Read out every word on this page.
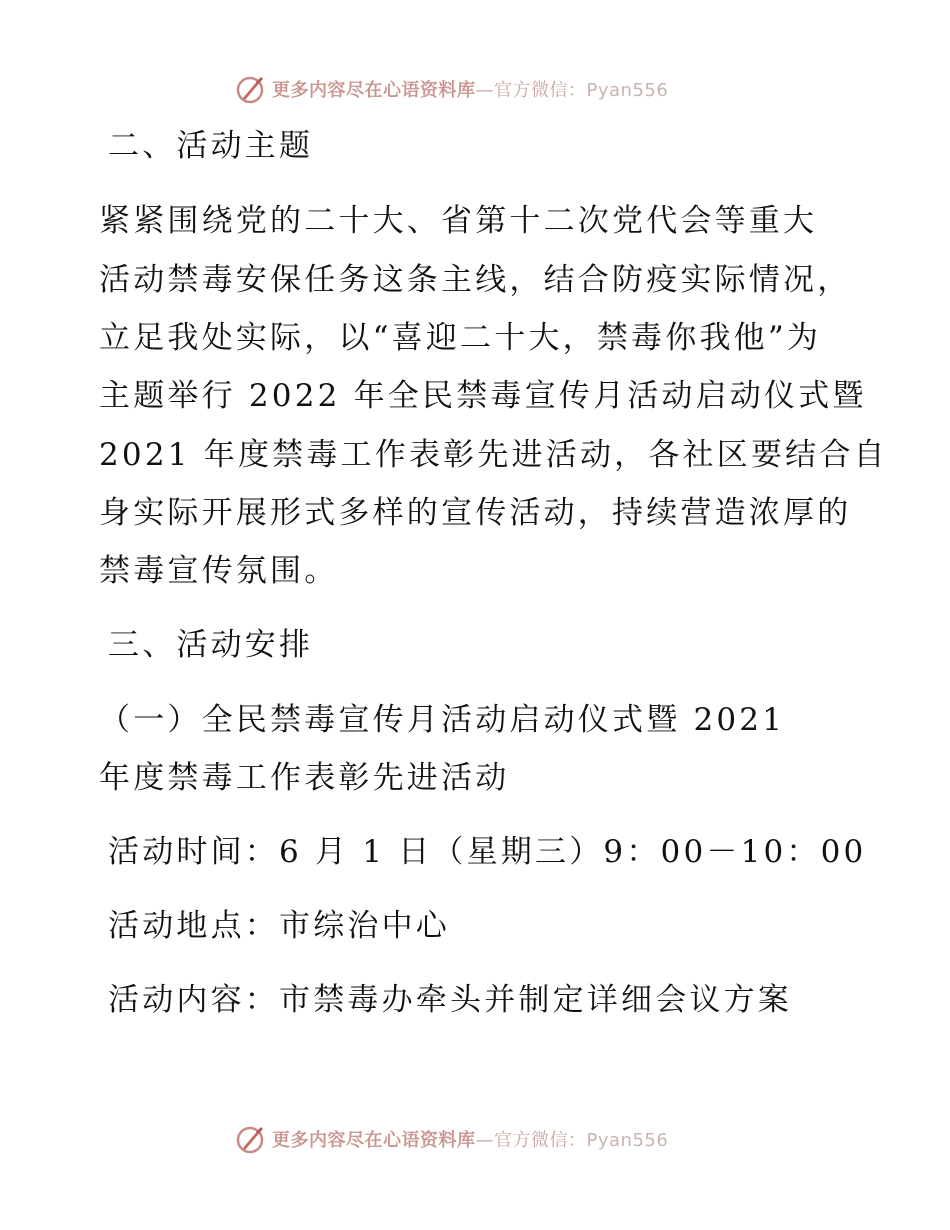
更多内容尽在心语资料库—官方微信：Pyan556
二、活动主题
紧紧围绕党的二十大、省第十二次党代会等重大
活动禁毒安保任务这条主线，结合防疫实际情况，
立足我处实际，以“喜迎二十大，禁毒你我他”为
主题举行 2022 年全民禁毒宣传月活动启动仪式暨
2021 年度禁毒工作表彰先进活动，各社区要结合自
身实际开展形式多样的宣传活动，持续营造浓厚的
禁毒宣传氛围。
三、活动安排
（一）全民禁毒宣传月活动启动仪式暨 2021
年度禁毒工作表彰先进活动
活动时间：6 月 1 日（星期三）9：00－10：00
活动地点：市综治中心
活动内容：市禁毒办牵头并制定详细会议方案
更多内容尽在心语资料库—官方微信：Pyan556
